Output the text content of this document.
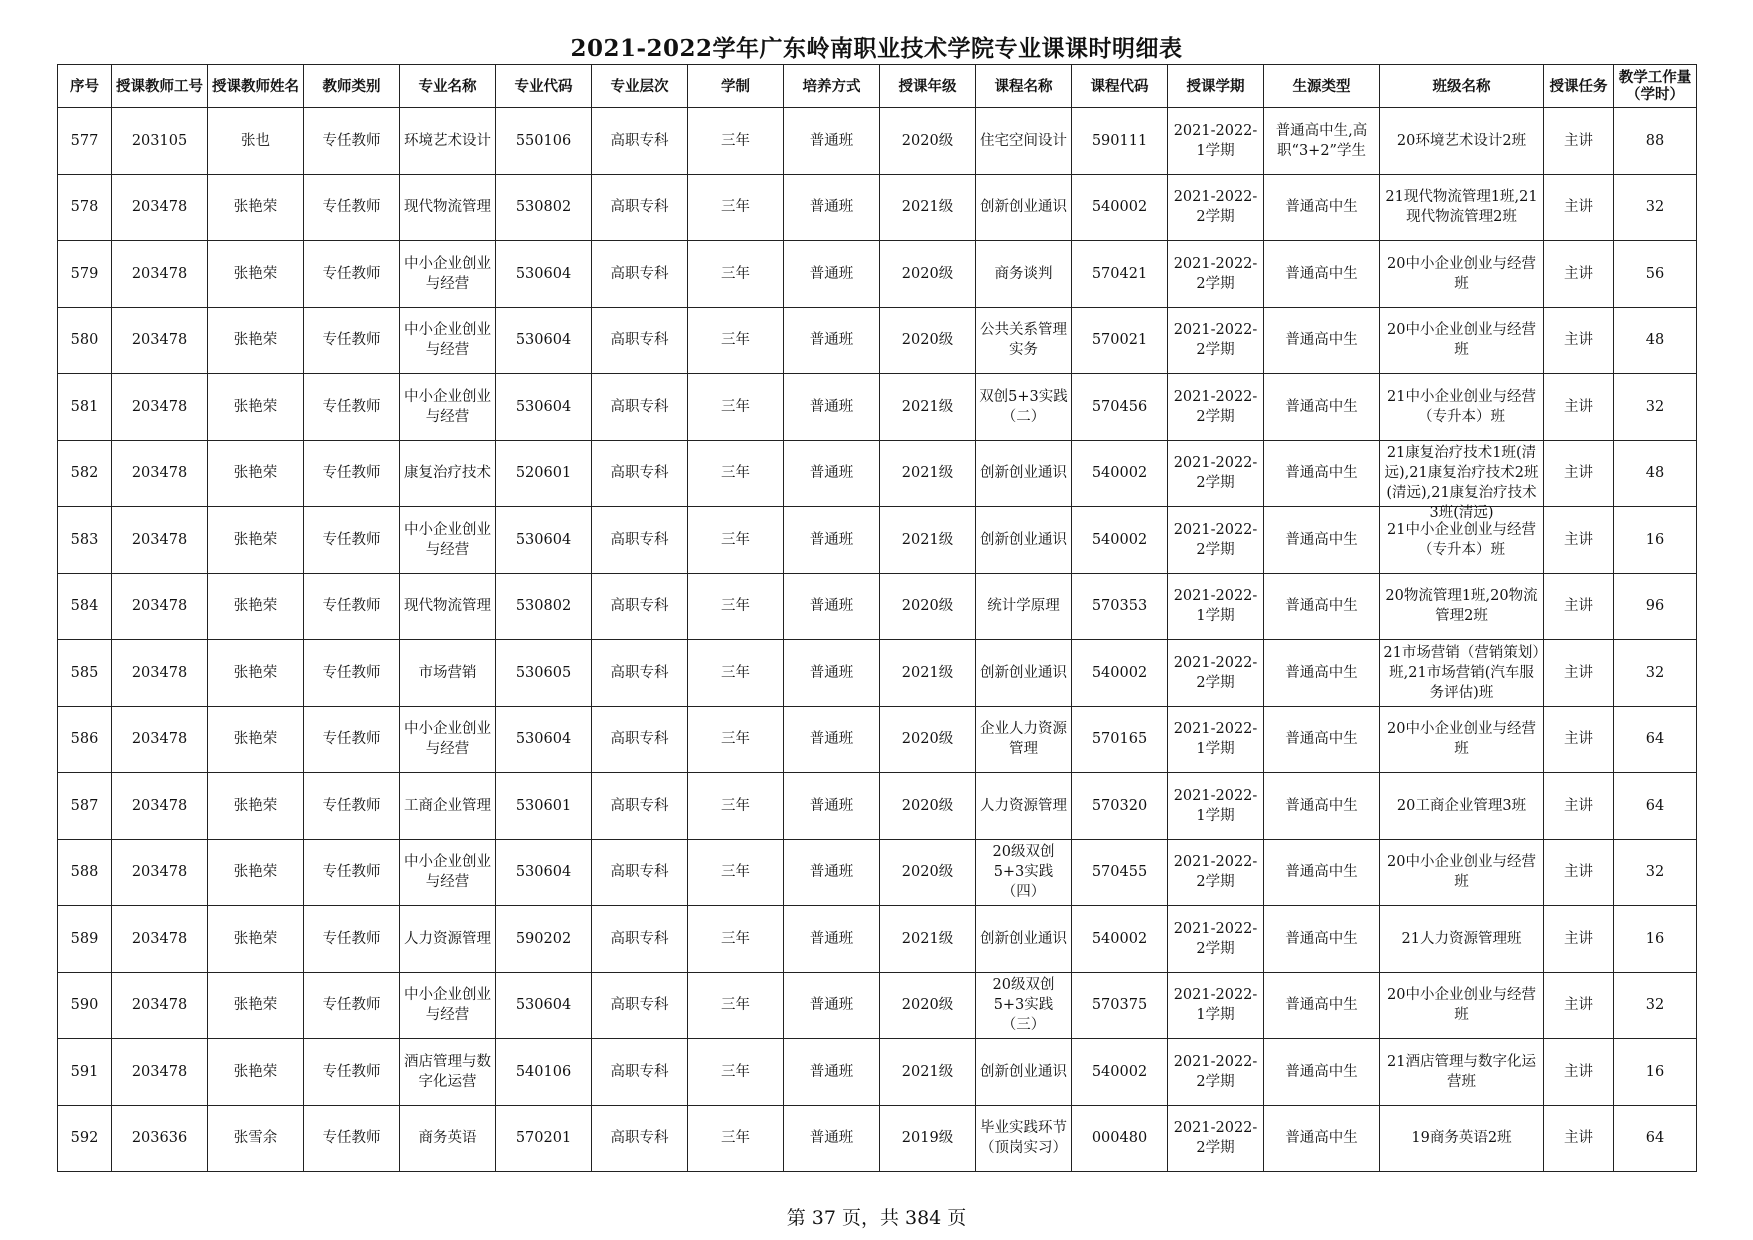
2021-2022学年广东岭南职业技术学院专业课课时明细表
序号	授课教师工号	授课教师姓名	教师类别	专业名称	专业代码	专业层次	学制	培养方式	授课年级	课程名称	课程代码	授课学期	生源类型	班级名称	授课任务	教学工作量（学时）

577	203105	张也	专任教师	环境艺术设计	550106	高职专科	三年	普通班	2020级	住宅空间设计	590111	2021-2022-1学期	普通高中生,高职“3+2”学生	20环境艺术设计2班	主讲	88

578	203478	张艳荣	专任教师	现代物流管理	530802	高职专科	三年	普通班	2021级	创新创业通识	540002	2021-2022-2学期	普通高中生	21现代物流管理1班,21现代物流管理2班	主讲	32

579	203478	张艳荣	专任教师	中小企业创业与经营	530604	高职专科	三年	普通班	2020级	商务谈判	570421	2021-2022-2学期	普通高中生	20中小企业创业与经营班	主讲	56

580	203478	张艳荣	专任教师	中小企业创业与经营	530604	高职专科	三年	普通班	2020级	公共关系管理实务	570021	2021-2022-2学期	普通高中生	20中小企业创业与经营班	主讲	48

581	203478	张艳荣	专任教师	中小企业创业与经营	530604	高职专科	三年	普通班	2021级	双创5+3实践（二）	570456	2021-2022-2学期	普通高中生	21中小企业创业与经营（专升本）班	主讲	32

582	203478	张艳荣	专任教师	康复治疗技术	520601	高职专科	三年	普通班	2021级	创新创业通识	540002	2021-2022-2学期	普通高中生	21康复治疗技术1班(清远),21康复治疗技术2班(清远),21康复治疗技术3班(清远)	主讲	48

583	203478	张艳荣	专任教师	中小企业创业与经营	530604	高职专科	三年	普通班	2021级	创新创业通识	540002	2021-2022-2学期	普通高中生	21中小企业创业与经营（专升本）班	主讲	16

584	203478	张艳荣	专任教师	现代物流管理	530802	高职专科	三年	普通班	2020级	统计学原理	570353	2021-2022-1学期	普通高中生	20物流管理1班,20物流管理2班	主讲	96

585	203478	张艳荣	专任教师	市场营销	530605	高职专科	三年	普通班	2021级	创新创业通识	540002	2021-2022-2学期	普通高中生	21市场营销（营销策划）班,21市场营销(汽车服务评估)班	主讲	32

586	203478	张艳荣	专任教师	中小企业创业与经营	530604	高职专科	三年	普通班	2020级	企业人力资源管理	570165	2021-2022-1学期	普通高中生	20中小企业创业与经营班	主讲	64

587	203478	张艳荣	专任教师	工商企业管理	530601	高职专科	三年	普通班	2020级	人力资源管理	570320	2021-2022-1学期	普通高中生	20工商企业管理3班	主讲	64

588	203478	张艳荣	专任教师	中小企业创业与经营	530604	高职专科	三年	普通班	2020级	20级双创5+3实践（四）	570455	2021-2022-2学期	普通高中生	20中小企业创业与经营班	主讲	32

589	203478	张艳荣	专任教师	人力资源管理	590202	高职专科	三年	普通班	2021级	创新创业通识	540002	2021-2022-2学期	普通高中生	21人力资源管理班	主讲	16

590	203478	张艳荣	专任教师	中小企业创业与经营	530604	高职专科	三年	普通班	2020级	20级双创5+3实践（三）	570375	2021-2022-1学期	普通高中生	20中小企业创业与经营班	主讲	32

591	203478	张艳荣	专任教师	酒店管理与数字化运营	540106	高职专科	三年	普通班	2021级	创新创业通识	540002	2021-2022-2学期	普通高中生	21酒店管理与数字化运营班	主讲	16

592	203636	张雪余	专任教师	商务英语	570201	高职专科	三年	普通班	2019级	毕业实践环节（顶岗实习）	000480	2021-2022-2学期	普通高中生	19商务英语2班	主讲	64
第 37 页，共 384 页
